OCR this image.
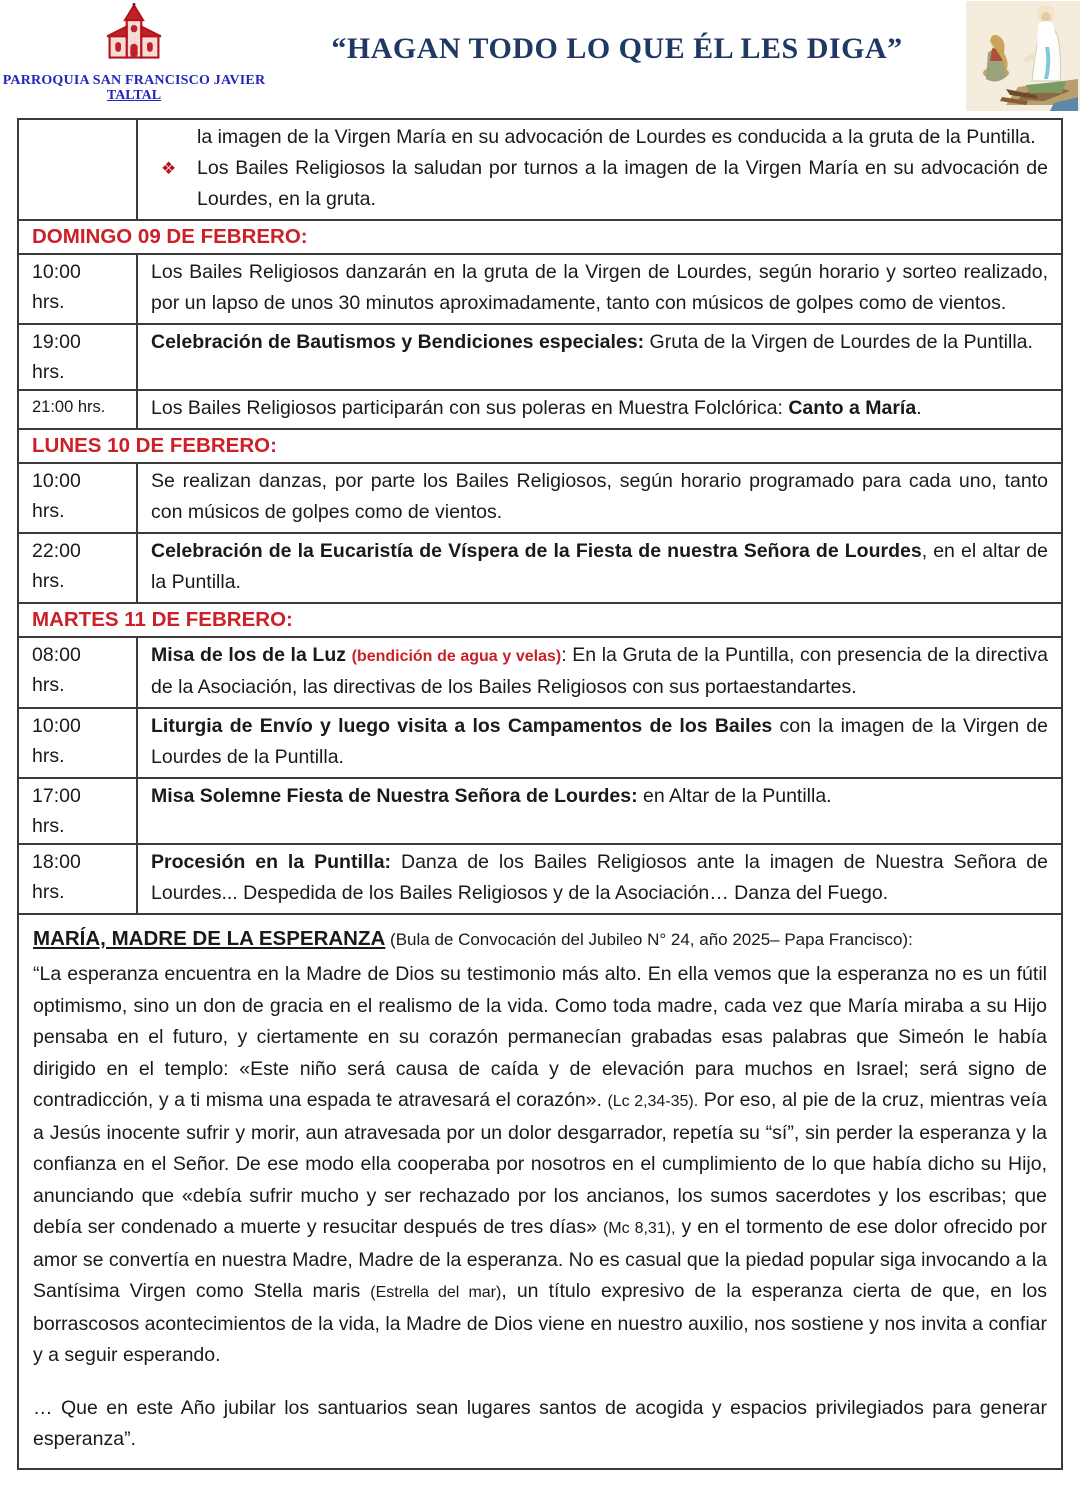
PARROQUIA SAN FRANCISCO JAVIER
TALTAL
“HAGAN TODO LO QUE ÉL LES DIGA”

	la imagen de la Virgen María en su advocación de Lourdes es conducida a la gruta de la Puntilla.
❖ Los Bailes Religiosos la saludan por turnos a la imagen de la Virgen María en su advocación de Lourdes, en la gruta.

DOMINGO 09 DE FEBRERO:	

10:00
hrs.	Los Bailes Religiosos danzarán en la gruta de la Virgen de Lourdes, según horario y sorteo realizado, por un lapso de unos 30 minutos aproximadamente, tanto con músicos de golpes como de vientos.

19:00
hrs.	Celebración de Bautismos y Bendiciones especiales: Gruta de la Virgen de Lourdes de la Puntilla.

21:00 hrs.	Los Bailes Religiosos participarán con sus poleras en Muestra Folclórica: Canto a María.
LUNES 10 DE FEBRERO:	

10:00
hrs.	Se realizan danzas, por parte los Bailes Religiosos, según horario programado para cada uno, tanto con músicos de golpes como de vientos.

22:00
hrs.	Celebración de la Eucaristía de Víspera de la Fiesta de nuestra Señora de Lourdes, en el altar de la Puntilla.
MARTES 11 DE FEBRERO:	

08:00
hrs.	Misa de los de la Luz (bendición de agua y velas): En la Gruta de la Puntilla, con presencia de la directiva de la Asociación, las directivas de los Bailes Religiosos con sus portaestandartes.

10:00
hrs.	Liturgia de Envío y luego visita a los Campamentos de los Bailes con la imagen de la Virgen de Lourdes de la Puntilla.

17:00
hrs.	Misa Solemne Fiesta de Nuestra Señora de Lourdes: en Altar de la Puntilla.

18:00
hrs.	Procesión en la Puntilla: Danza de los Bailes Religiosos ante la imagen de Nuestra Señora de Lourdes... Despedida de los Bailes Religiosos y de la Asociación… Danza del Fuego.

MARÍA, MADRE DE LA ESPERANZA (Bula de Convocación del Jubileo N° 24, año 2025– Papa Francisco):
“La esperanza encuentra en la Madre de Dios su testimonio más alto. En ella vemos que la esperanza no es un fútil optimismo, sino un don de gracia en el realismo de la vida. Como toda madre, cada vez que María miraba a su Hijo pensaba en el futuro, y ciertamente en su corazón permanecían grabadas esas palabras que Simeón le había dirigido en el templo: «Este niño será causa de caída y de elevación para muchos en Israel; será signo de contradicción, y a ti misma una espada te atravesará el corazón». (Lc 2,34-35). Por eso, al pie de la cruz, mientras veía a Jesús inocente sufrir y morir, aun atravesada por un dolor desgarrador, repetía su “sí”, sin perder la esperanza y la confianza en el Señor. De ese modo ella cooperaba por nosotros en el cumplimiento de lo que había dicho su Hijo, anunciando que «debía sufrir mucho y ser rechazado por los ancianos, los sumos sacerdotes y los escribas; que debía ser condenado a muerte y resucitar después de tres días» (Mc 8,31), y en el tormento de ese dolor ofrecido por amor se convertía en nuestra Madre, Madre de la esperanza. No es casual que la piedad popular siga invocando a la Santísima Virgen como Stella maris (Estrella del mar), un título expresivo de la esperanza cierta de que, en los borrascosos acontecimientos de la vida, la Madre de Dios viene en nuestro auxilio, nos sostiene y nos invita a confiar y a seguir esperando.
… Que en este Año jubilar los santuarios sean lugares santos de acogida y espacios privilegiados para generar esperanza”.	
